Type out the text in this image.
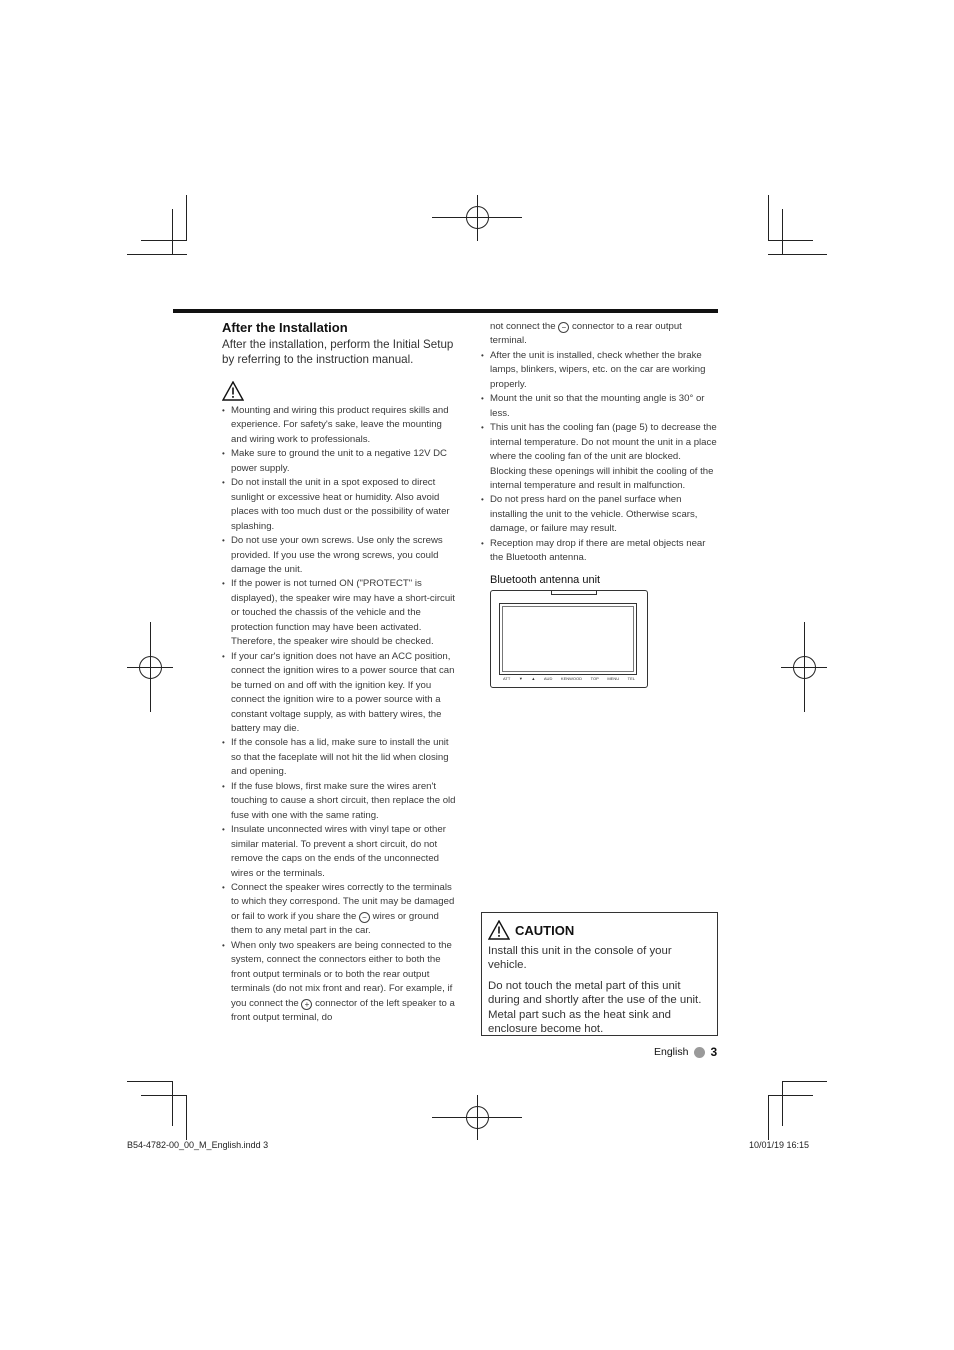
After the Installation

After the installation, perform the Initial Setup by referring to the instruction manual.

• Mounting and wiring this product requires skills and experience. For safety's sake, leave the mounting and wiring work to professionals.
• Make sure to ground the unit to a negative 12V DC power supply.
• Do not install the unit in a spot exposed to direct sunlight or excessive heat or humidity. Also avoid places with too much dust or the possibility of water splashing.
• Do not use your own screws. Use only the screws provided. If you use the wrong screws, you could damage the unit.
• If the power is not turned ON ("PROTECT" is displayed), the speaker wire may have a short-circuit or touched the chassis of the vehicle and the protection function may have been activated. Therefore, the speaker wire should be checked.
• If your car's ignition does not have an ACC position, connect the ignition wires to a power source that can be turned on and off with the ignition key. If you connect the ignition wire to a power source with a constant voltage supply, as with battery wires, the battery may die.
• If the console has a lid, make sure to install the unit so that the faceplate will not hit the lid when closing and opening.
• If the fuse blows, first make sure the wires aren't touching to cause a short circuit, then replace the old fuse with one with the same rating.
• Insulate unconnected wires with vinyl tape or other similar material. To prevent a short circuit, do not remove the caps on the ends of the unconnected wires or the terminals.
• Connect the speaker wires correctly to the terminals to which they correspond. The unit may be damaged or fail to work if you share the − wires or ground them to any metal part in the car.
• When only two speakers are being connected to the system, connect the connectors either to both the front output terminals or to both the rear output terminals (do not mix front and rear). For example, if you connect the + connector of the left speaker to a front output terminal, do
not connect the − connector to a rear output terminal.
• After the unit is installed, check whether the brake lamps, blinkers, wipers, etc. on the car are working properly.
• Mount the unit so that the mounting angle is 30° or less.
• This unit has the cooling fan (page 5) to decrease the internal temperature. Do not mount the unit in a place where the cooling fan of the unit are blocked. Blocking these openings will inhibit the cooling of the internal temperature and result in malfunction.
• Do not press hard on the panel surface when installing the unit to the vehicle. Otherwise scars, damage, or failure may result.
• Reception may drop if there are metal objects near the Bluetooth antenna.
Bluetooth antenna unit
ATT ▼ ▲ AUD KENWOOD TOP MENU TEL
CAUTION

Install this unit in the console of your vehicle.

Do not touch the metal part of this unit during and shortly after the use of the unit. Metal part such as the heat sink and enclosure become hot.

English 3
B54-4782-00_00_M_English.indd 3	10/01/19 16:15
